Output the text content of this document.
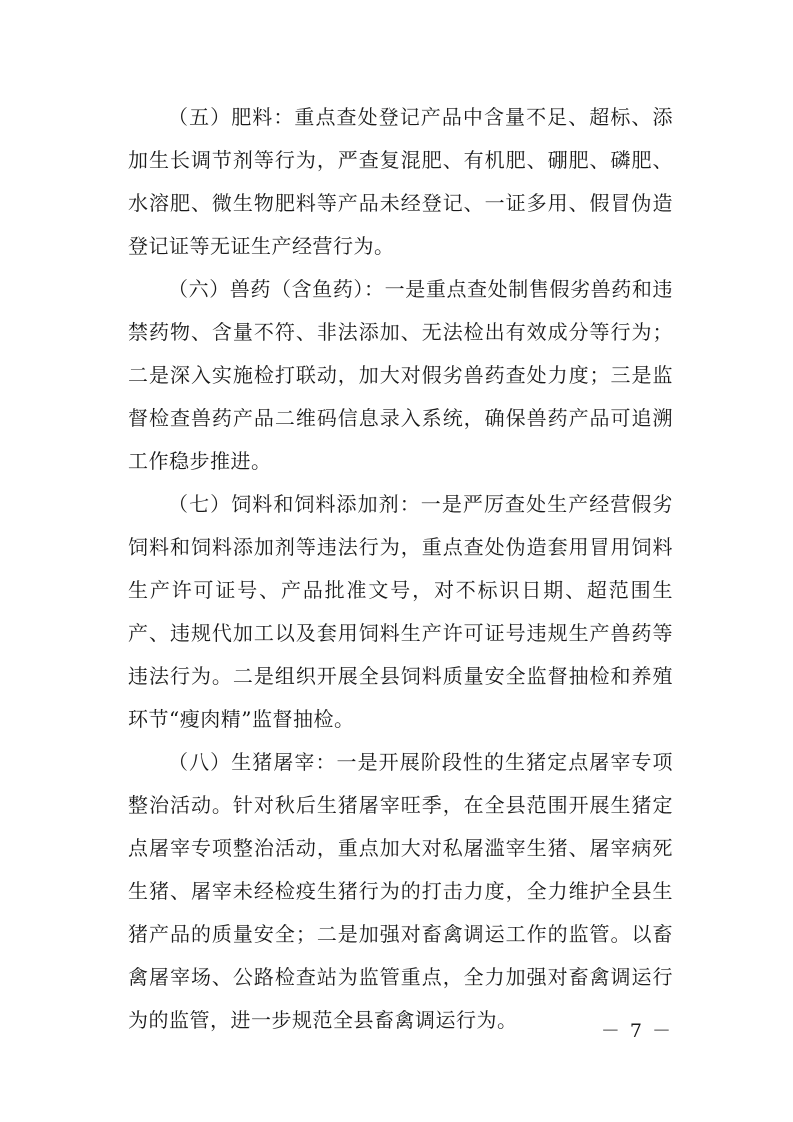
（五）肥料：重点查处登记产品中含量不足、超标、添加生长调节剂等行为，严查复混肥、有机肥、硼肥、磷肥、水溶肥、微生物肥料等产品未经登记、一证多用、假冒伪造登记证等无证生产经营行为。

（六）兽药（含鱼药）：一是重点查处制售假劣兽药和违禁药物、含量不符、非法添加、无法检出有效成分等行为；二是深入实施检打联动，加大对假劣兽药查处力度；三是监督检查兽药产品二维码信息录入系统，确保兽药产品可追溯工作稳步推进。

（七）饲料和饲料添加剂：一是严厉查处生产经营假劣饲料和饲料添加剂等违法行为，重点查处伪造套用冒用饲料生产许可证号、产品批准文号，对不标识日期、超范围生产、违规代加工以及套用饲料生产许可证号违规生产兽药等违法行为。二是组织开展全县饲料质量安全监督抽检和养殖环节“瘦肉精”监督抽检。

（八）生猪屠宰：一是开展阶段性的生猪定点屠宰专项整治活动。针对秋后生猪屠宰旺季，在全县范围开展生猪定点屠宰专项整治活动，重点加大对私屠滥宰生猪、屠宰病死生猪、屠宰未经检疫生猪行为的打击力度，全力维护全县生猪产品的质量安全；二是加强对畜禽调运工作的监管。以畜禽屠宰场、公路检查站为监管重点，全力加强对畜禽调运行为的监管，进一步规范全县畜禽调运行为。	－ 7 －
